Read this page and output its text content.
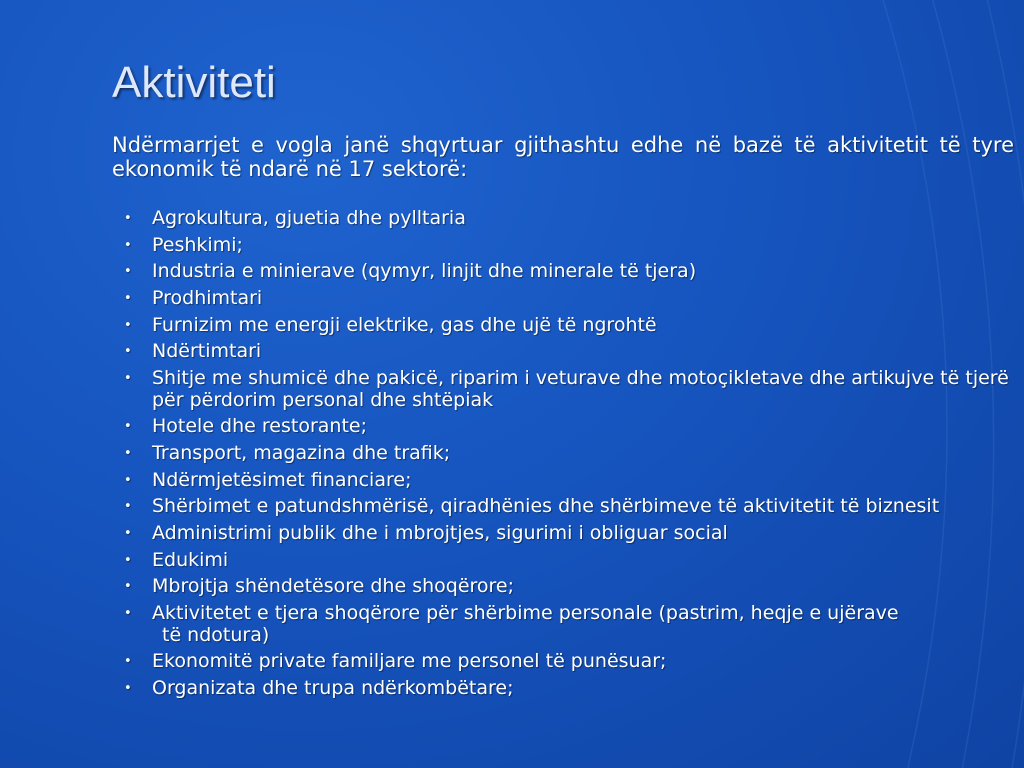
Aktiviteti
Ndërmarrjet e vogla janë shqyrtuar gjithashtu edhe në bazë të aktivitetit të tyre ekonomik të ndarë në 17 sektorë:
• Agrokultura, gjuetia dhe pylltaria
• Peshkimi;
• Industria e minierave (qymyr, linjit dhe minerale të tjera)
• Prodhimtari
• Furnizim me energji elektrike, gas dhe ujë të ngrohtë
• Ndërtimtari
• Shitje me shumicë dhe pakicë, riparim i veturave dhe motoçikletave dhe artikujve të tjerë për përdorim personal dhe shtëpiak
• Hotele dhe restorante;
• Transport, magazina dhe trafik;
• Ndërmjetësimet financiare;
• Shërbimet e patundshmërisë, qiradhënies dhe shërbimeve të aktivitetit të biznesit
• Administrimi publik dhe i mbrojtjes, sigurimi i obliguar social
• Edukimi
• Mbrojtja shëndetësore dhe shoqërore;
• Aktivitetet e tjera shoqërore për shërbime personale (pastrim, heqje e ujërave
të ndotura)
• Ekonomitë private familjare me personel të punësuar;
• Organizata dhe trupa ndërkombëtare;
